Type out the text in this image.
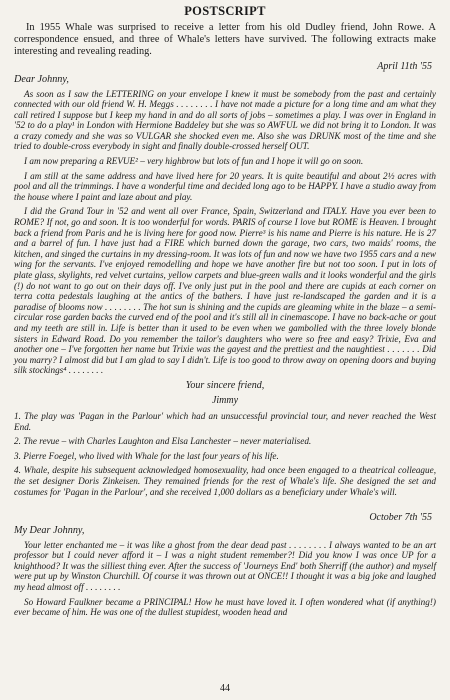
POSTSCRIPT

In 1955 Whale was surprised to receive a letter from his old Dudley friend, John Rowe. A correspondence ensued, and three of Whale's letters have survived. The following extracts make interesting and revealing reading.

April 11th '55
Dear Johnny,

As soon as I saw the LETTERING on your envelope I knew it must be somebody from the past and certainly connected with our old friend W. H. Meggs . . . . . . . . I have not made a picture for a long time and am what they call retired I suppose but I keep my hand in and do all sorts of jobs – sometimes a play. I was over in England in '52 to do a play¹ in London with Hermione Baddeley but she was so AWFUL we did not bring it to London. It was a crazy comedy and she was so VULGAR she shocked even me. Also she was DRUNK most of the time and she tried to double-cross everybody in sight and finally double-crossed herself OUT.

I am now preparing a REVUE² – very highbrow but lots of fun and I hope it will go on soon.

I am still at the same address and have lived here for 20 years. It is quite beautiful and about 2½ acres with pool and all the trimmings. I have a wonderful time and decided long ago to be HAPPY. I have a studio away from the house where I paint and laze about and play.

I did the Grand Tour in '52 and went all over France, Spain, Switzerland and ITALY. Have you ever been to ROME? If not, go and soon. It is too wonderful for words. PARIS of course I love but ROME is Heaven. I brought back a friend from Paris and he is living here for good now. Pierre³ is his name and Pierre is his nature. He is 27 and a barrel of fun. I have just had a FIRE which burned down the garage, two cars, two maids' rooms, the kitchen, and singed the curtains in my dressing-room. It was lots of fun and now we have two 1955 cars and a new wing for the servants. I've enjoyed remodelling and hope we have another fire but not too soon. I put in lots of plate glass, skylights, red velvet curtains, yellow carpets and blue-green walls and it looks wonderful and the girls (!) do not want to go out on their days off. I've only just put in the pool and there are cupids at each corner on terra cotta pedestals laughing at the antics of the bathers. I have just re-landscaped the garden and it is a paradise of blooms now . . . . . . . . The hot sun is shining and the cupids are gleaming white in the blaze – a semi-circular rose garden backs the curved end of the pool and it's still all in cinemascope. I have no back-ache or gout and my teeth are still in. Life is better than it used to be even when we gambolled with the three lovely blonde sisters in Edward Road. Do you remember the tailor's daughters who were so free and easy? Trixie, Eva and another one – I've forgotten her name but Trixie was the gayest and the prettiest and the naughtiest . . . . . . . Did you marry? I almost did but I am glad to say I didn't. Life is too good to throw away on opening doors and buying silk stockings⁴ . . . . . . . .

Your sincere friend,
Jimmy

1. The play was 'Pagan in the Parlour' which had an unsuccessful provincial tour, and never reached the West End.

2. The revue – with Charles Laughton and Elsa Lanchester – never materialised.

3. Pierre Foegel, who lived with Whale for the last four years of his life.

4. Whale, despite his subsequent acknowledged homosexuality, had once been engaged to a theatrical colleague, the set designer Doris Zinkeisen. They remained friends for the rest of Whale's life. She designed the set and costumes for 'Pagan in the Parlour', and she received 1,000 dollars as a beneficiary under Whale's will.

October 7th '55
My Dear Johnny,

Your letter enchanted me – it was like a ghost from the dear dead past . . . . . . . . I always wanted to be an art professor but I could never afford it – I was a night student remember?! Did you know I was once UP for a knighthood? It was the silliest thing ever. After the success of 'Journeys End' both Sherriff (the author) and myself were put up by Winston Churchill. Of course it was thrown out at ONCE!! I thought it was a big joke and laughed my head almost off . . . . . . . .

So Howard Faulkner became a PRINCIPAL! How he must have loved it. I often wondered what (if anything!) ever became of him. He was one of the dullest stupidest, wooden head and

44
